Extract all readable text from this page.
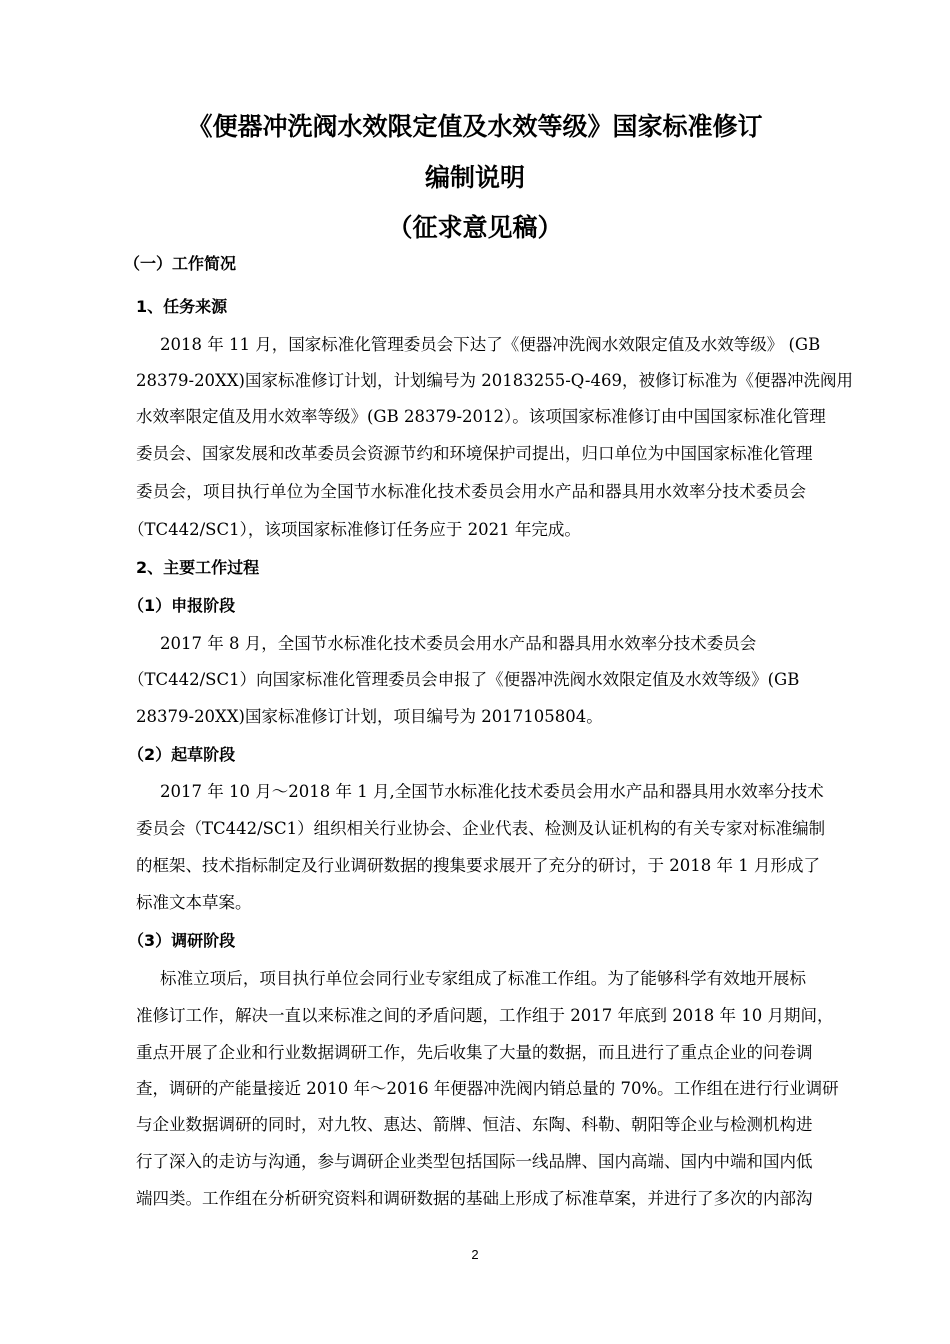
《便器冲洗阀水效限定值及水效等级》国家标准修订
编制说明
（征求意见稿）
（一）工作简况
1、任务来源
2018 年 11 月，国家标准化管理委员会下达了《便器冲洗阀水效限定值及水效等级》 (GB
28379-20XX)国家标准修订计划，计划编号为 20183255-Q-469，被修订标准为《便器冲洗阀用
水效率限定值及用水效率等级》(GB 28379-2012）。该项国家标准修订由中国国家标准化管理
委员会、国家发展和改革委员会资源节约和环境保护司提出，归口单位为中国国家标准化管理
委员会，项目执行单位为全国节水标准化技术委员会用水产品和器具用水效率分技术委员会
（TC442/SC1），该项国家标准修订任务应于 2021 年完成。
2、主要工作过程
（1）申报阶段
2017 年 8 月，全国节水标准化技术委员会用水产品和器具用水效率分技术委员会
（TC442/SC1）向国家标准化管理委员会申报了《便器冲洗阀水效限定值及水效等级》(GB
28379-20XX)国家标准修订计划，项目编号为 2017105804。
（2）起草阶段
2017 年 10 月～2018 年 1 月,全国节水标准化技术委员会用水产品和器具用水效率分技术
委员会（TC442/SC1）组织相关行业协会、企业代表、检测及认证机构的有关专家对标准编制
的框架、技术指标制定及行业调研数据的搜集要求展开了充分的研讨，于 2018 年 1 月形成了
标准文本草案。
（3）调研阶段
标准立项后，项目执行单位会同行业专家组成了标准工作组。为了能够科学有效地开展标
准修订工作，解决一直以来标准之间的矛盾问题，工作组于 2017 年底到 2018 年 10 月期间，
重点开展了企业和行业数据调研工作，先后收集了大量的数据，而且进行了重点企业的问卷调
查，调研的产能量接近 2010 年～2016 年便器冲洗阀内销总量的 70%。工作组在进行行业调研
与企业数据调研的同时，对九牧、惠达、箭牌、恒洁、东陶、科勒、朝阳等企业与检测机构进
行了深入的走访与沟通，参与调研企业类型包括国际一线品牌、国内高端、国内中端和国内低
端四类。工作组在分析研究资料和调研数据的基础上形成了标准草案，并进行了多次的内部沟
2
